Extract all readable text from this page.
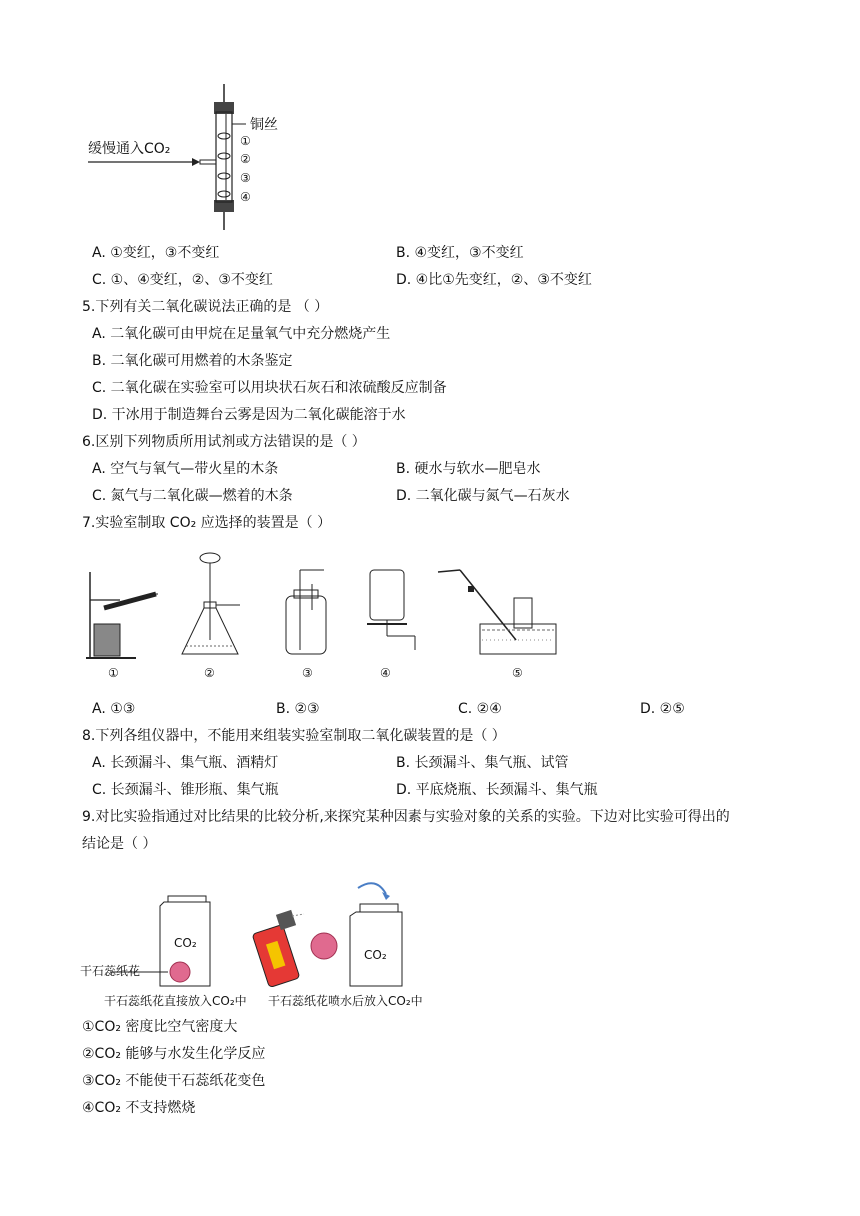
缓慢通入CO₂
铜丝
①
②
③
④
A. ①变红，③不变红	B. ④变红，③不变红
C. ①、④变红，②、③不变红	D. ④比①先变红，②、③不变红
5.下列有关二氧化碳说法正确的是 （ ）
A. 二氧化碳可由甲烷在足量氧气中充分燃烧产生
B. 二氧化碳可用燃着的木条鉴定
C. 二氧化碳在实验室可以用块状石灰石和浓硫酸反应制备
D. 干冰用于制造舞台云雾是因为二氧化碳能溶于水
6.区别下列物质所用试剂或方法错误的是（ ）
A. 空气与氧气—带火星的木条	B. 硬水与软水—肥皂水
C. 氮气与二氧化碳—燃着的木条	D. 二氧化碳与氮气—石灰水
7.实验室制取 CO₂ 应选择的装置是（ ）
①	②	③	④	⑤
A. ①③	B. ②③	C. ②④	D. ②⑤
8.下列各组仪器中，不能用来组装实验室制取二氧化碳装置的是（ ）
A. 长颈漏斗、集气瓶、酒精灯	B. 长颈漏斗、集气瓶、试管
C. 长颈漏斗、锥形瓶、集气瓶	D. 平底烧瓶、长颈漏斗、集气瓶
9.对比实验指通过对比结果的比较分析,来探究某种因素与实验对象的关系的实验。下边对比实验可得出的
结论是（ ）
CO₂
CO₂
干石蕊纸花
干石蕊纸花直接放入CO₂中 干石蕊纸花喷水后放入CO₂中
①CO₂ 密度比空气密度大
②CO₂ 能够与水发生化学反应
③CO₂ 不能使干石蕊纸花变色
④CO₂ 不支持燃烧
